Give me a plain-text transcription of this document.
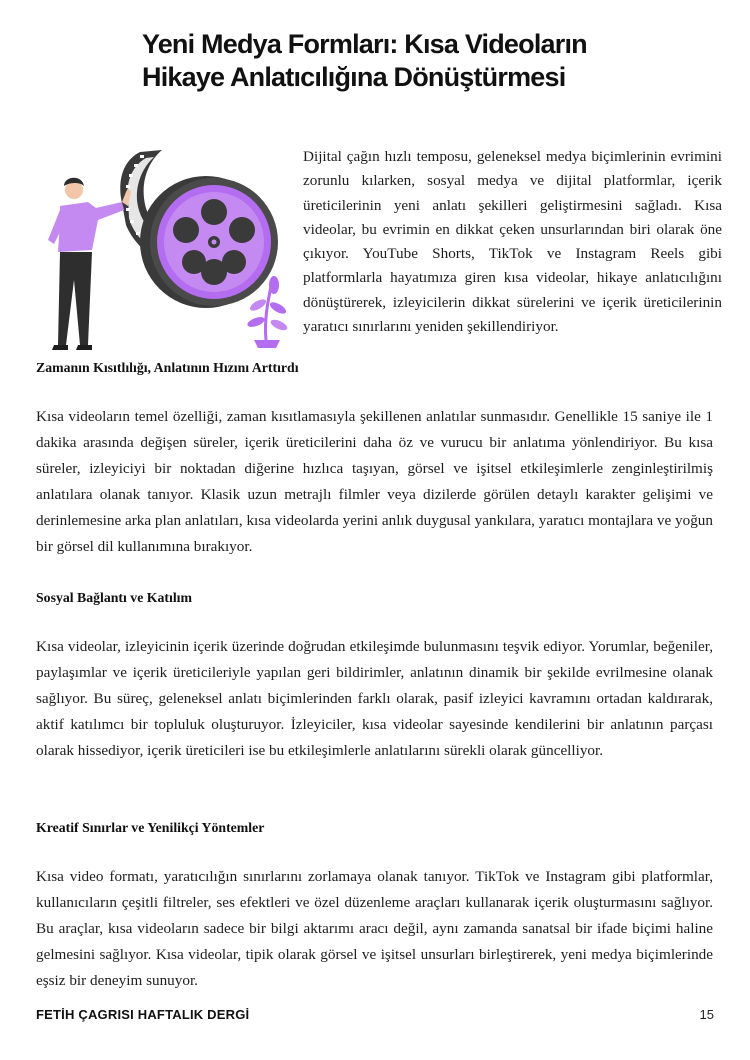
Yeni Medya Formları: Kısa Videoların
Hikaye Anlatıcılığına Dönüştürmesi

Dijital çağın hızlı temposu, geleneksel medya biçimlerinin evrimini zorunlu kılarken, sosyal medya ve dijital platformlar, içerik üreticilerinin yeni anlatı şekilleri geliştirmesini sağladı. Kısa videolar, bu evrimin en dikkat çeken unsurlarından biri olarak öne çıkıyor. YouTube Shorts, TikTok ve Instagram Reels gibi platformlarla hayatımıza giren kısa videolar, hikaye anlatıcılığını dönüştürerek, izleyicilerin dikkat sürelerini ve içerik üreticilerinin yaratıcı sınırlarını yeniden şekillendiriyor.

Zamanın Kısıtlılığı, Anlatının Hızını Arttırdı

Kısa videoların temel özelliği, zaman kısıtlamasıyla şekillenen anlatılar sunmasıdır. Genellikle 15 saniye ile 1 dakika arasında değişen süreler, içerik üreticilerini daha öz ve vurucu bir anlatıma yönlendiriyor. Bu kısa süreler, izleyiciyi bir noktadan diğerine hızlıca taşıyan, görsel ve işitsel etkileşimlerle zenginleştirilmiş anlatılara olanak tanıyor. Klasik uzun metrajlı filmler veya dizilerde görülen detaylı karakter gelişimi ve derinlemesine arka plan anlatıları, kısa videolarda yerini anlık duygusal yankılara, yaratıcı montajlara ve yoğun bir görsel dil kullanımına bırakıyor.

Sosyal Bağlantı ve Katılım

Kısa videolar, izleyicinin içerik üzerinde doğrudan etkileşimde bulunmasını teşvik ediyor. Yorumlar, beğeniler, paylaşımlar ve içerik üreticileriyle yapılan geri bildirimler, anlatının dinamik bir şekilde evrilmesine olanak sağlıyor. Bu süreç, geleneksel anlatı biçimlerinden farklı olarak, pasif izleyici kavramını ortadan kaldırarak, aktif katılımcı bir topluluk oluşturuyor. İzleyiciler, kısa videolar sayesinde kendilerini bir anlatının parçası olarak hissediyor, içerik üreticileri ise bu etkileşimlerle anlatılarını sürekli olarak güncelliyor.

Kreatif Sınırlar ve Yenilikçi Yöntemler

Kısa video formatı, yaratıcılığın sınırlarını zorlamaya olanak tanıyor. TikTok ve Instagram gibi platformlar, kullanıcıların çeşitli filtreler, ses efektleri ve özel düzenleme araçları kullanarak içerik oluşturmasını sağlıyor. Bu araçlar, kısa videoların sadece bir bilgi aktarımı aracı değil, aynı zamanda sanatsal bir ifade biçimi haline gelmesini sağlıyor. Kısa videolar, tipik olarak görsel ve işitsel unsurları birleştirerek, yeni medya biçimlerinde eşsiz bir deneyim sunuyor.

FETİH ÇAGRISI HAFTALIK DERGİ	15
